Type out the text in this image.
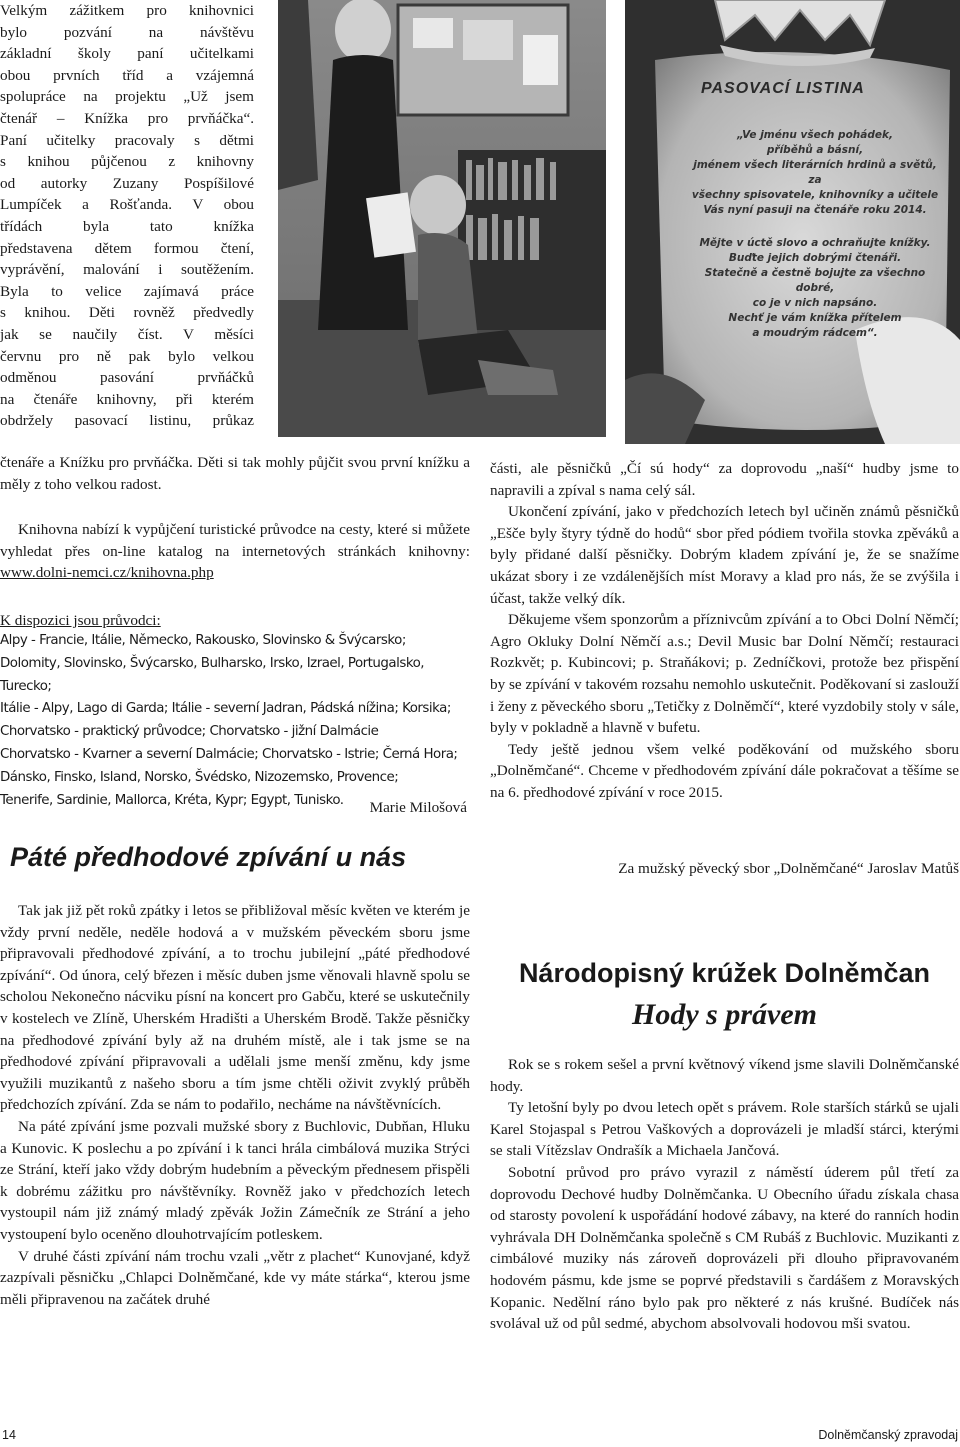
PASOVACÍ LISTINA
„Ve jménu všech pohádek,
příběhů a básní,
jménem všech literárních hrdinů a světů, za
všechny spisovatele, knihovníky a učitele
Vás nyní pasuji na čtenáře roku 2014.
Mějte v úctě slovo a ochraňujte knížky.
Buďte jejich dobrými čtenáři.
Statečně a čestně bojujte za všechno dobré,
co je v nich napsáno.
Nechť je vám knížka přítelem
a moudrým rádcem“.

Velkým zážitkem pro knihovnici

bylo pozvání na návštěvu

základní školy paní učitelkami

obou prvních tříd a vzájemná

spolupráce na projektu „Už jsem

čtenář – Knížka pro prvňáčka“.

Paní učitelky pracovaly s dětmi

s knihou půjčenou z knihovny

od autorky Zuzany Pospíšilové

Lumpíček a Rošťanda. V obou

třídách byla tato knížka

představena dětem formou čtení,

vyprávění, malování i soutěžením.

Byla to velice zajímavá práce

s knihou. Děti rovněž předvedly

jak se naučily číst. V měsíci

červnu pro ně pak bylo velkou

odměnou pasování prvňáčků

na čtenáře knihovny, při kterém

obdržely pasovací listinu, průkaz

čtenáře a Knížku pro prvňáčka. Děti si tak mohly půjčit svou první knížku a měly z toho velkou radost.

Knihovna nabízí k vypůjčení turistické průvodce na cesty, které si můžete vyhledat přes on-line katalog na internetových stránkách knihovny: www.dolni-nemci.cz/knihovna.php

K dispozici jsou průvodci:

Alpy - Francie, Itálie, Německo, Rakousko, Slovinsko & Švýcarsko;

Dolomity, Slovinsko, Švýcarsko, Bulharsko, Irsko, Izrael, Portugalsko, Turecko;

Itálie - Alpy, Lago di Garda; Itálie - severní Jadran, Pádská nížina; Korsika;

Chorvatsko - praktický průvodce; Chorvatsko - jižní Dalmácie

Chorvatsko - Kvarner a severní Dalmácie; Chorvatsko - Istrie; Černá Hora;

Dánsko, Finsko, Island, Norsko, Švédsko, Nizozemsko, Provence;

Tenerife, Sardinie, Mallorca, Kréta, Kypr; Egypt, Tunisko.	Marie Milošová

Páté předhodové zpívání u nás

Tak jak již pět roků zpátky i letos se přibližoval měsíc květen ve kterém je vždy první neděle, neděle hodová a v mužském pěveckém sboru jsme připravovali předhodové zpívání, a to trochu jubilejní „páté předhodové zpívání“. Od února, celý březen i měsíc duben jsme věnovali hlavně spolu se scholou Nekonečno nácviku písní na koncert pro Gabču, které se uskutečnily v kostelech ve Zlíně, Uherském Hradišti a Uherském Brodě. Takže pěsničky na předhodové zpívání byly až na druhém místě, ale i tak jsme se na předhodové zpívání připravovali a udělali jsme menší změnu, kdy jsme využili muzikantů z našeho sboru a tím jsme chtěli oživit zvyklý průběh předchozích zpívání. Zda se nám to podařilo, necháme na návštěvnících.

Na páté zpívání jsme pozvali mužské sbory z Buchlovic, Dubňan, Hluku a Kunovic. K poslechu a po zpívání i k tanci hrála cimbálová muzika Strýci ze Strání, kteří jako vždy dobrým hudebním a pěveckým přednesem přispěli k dobrému zážitku pro návštěvníky. Rovněž jako v předchozích letech vystoupil nám již známý mladý zpěvák Jožin Zámečník ze Strání a jeho vystoupení bylo oceněno dlouhotrvajícím potleskem.

V druhé části zpívání nám trochu vzali „větr z plachet“ Kunovjané, když zazpívali pěsničku „Chlapci Dolněmčané, kde vy máte stárka“, kterou jsme měli připravenou na začátek druhé

části, ale pěsničků „Čí sú hody“ za doprovodu „naší“ hudby jsme to napravili a zpíval s nama celý sál.

Ukončení zpívání, jako v předchozích letech byl učiněn známů pěsničků „Ešče byly štyry týdně do hodů“ sbor před pódiem tvořila stovka zpěváků a byly přidané další pěsničky. Dobrým kladem zpívání je, že se snažíme ukázat sbory i ze vzdálenějších míst Moravy a klad pro nás, že se zvýšila i účast, takže velký dík.

Děkujeme všem sponzorům a příznivcům zpívání a to Obci Dolní Němčí; Agro Okluky Dolní Němčí a.s.; Devil Music bar Dolní Němčí; restauraci Rozkvět; p. Kubincovi; p. Straňákovi; p. Zedníčkovi, protože bez přispění by se zpívání v takovém rozsahu nemohlo uskutečnit. Poděkovaní si zaslouží i ženy z pěveckého sboru „Tetičky z Dolněmčí“, které vyzdobily stoly v sále, byly v pokladně a hlavně v bufetu.

Tedy ještě jednou všem velké poděkování od mužského sboru „Dolněmčané“. Chceme v předhodovém zpívání dále pokračovat a těšíme se na 6. předhodové zpívání v roce 2015.

Za mužský pěvecký sbor „Dolněmčané“ Jaroslav Matůš

Národopisný krúžek Dolněmčan
Hody s právem

Rok se s rokem sešel a první květnový víkend jsme slavili Dolněmčanské hody.

Ty letošní byly po dvou letech opět s právem. Role starších stárků se ujali Karel Stojaspal s Petrou Vaškových a doprovázeli je mladší stárci, kterými se stali Vítězslav Ondrašík a Michaela Jančová.

Sobotní průvod pro právo vyrazil z náměstí úderem půl třetí za doprovodu Dechové hudby Dolněmčanka. U Obecního úřadu získala chasa od starosty povolení k uspořádání hodové zábavy, na které do ranních hodin vyhrávala DH Dolněmčanka společně s CM Rubáš z Buchlovic. Muzikanti z cimbálové muziky nás zároveň doprovázeli při dlouho připravovaném hodovém pásmu, kde jsme se poprvé představili s čardášem z Moravských Kopanic. Nedělní ráno bylo pak pro některé z nás krušné. Budíček nás svolával už od půl sedmé, abychom absolvovali hodovou mši svatou.

14	Dolněmčanský zpravodaj
